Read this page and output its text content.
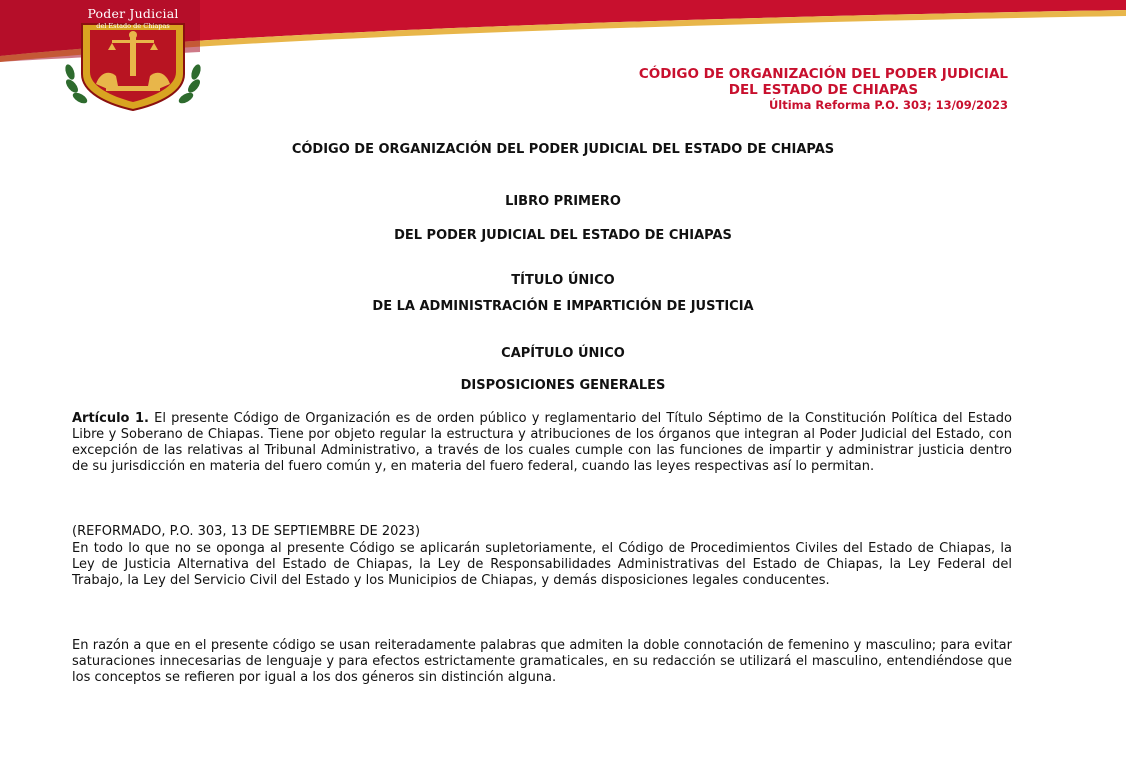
Poder Judicial
del Estado de Chiapas
CÓDIGO DE ORGANIZACIÓN DEL PODER JUDICIAL
DEL ESTADO DE CHIAPAS
Última Reforma P.O. 303; 13/09/2023
CÓDIGO DE ORGANIZACIÓN DEL PODER JUDICIAL DEL ESTADO DE CHIAPAS
LIBRO PRIMERO
DEL PODER JUDICIAL DEL ESTADO DE CHIAPAS
TÍTULO ÚNICO
DE LA ADMINISTRACIÓN E IMPARTICIÓN DE JUSTICIA
CAPÍTULO ÚNICO
DISPOSICIONES GENERALES
Artículo 1. El presente Código de Organización es de orden público y reglamentario del Título Séptimo de la Constitución Política del Estado Libre y Soberano de Chiapas. Tiene por objeto regular la estructura y atribuciones de los órganos que integran al Poder Judicial del Estado, con excepción de las relativas al Tribunal Administrativo, a través de los cuales cumple con las funciones de impartir y administrar justicia dentro de su jurisdicción en materia del fuero común y, en materia del fuero federal, cuando las leyes respectivas así lo permitan.
(REFORMADO, P.O. 303, 13 DE SEPTIEMBRE DE 2023)
En todo lo que no se oponga al presente Código se aplicarán supletoriamente, el Código de Procedimientos Civiles del Estado de Chiapas, la Ley de Justicia Alternativa del Estado de Chiapas, la Ley de Responsabilidades Administrativas del Estado de Chiapas, la Ley Federal del Trabajo, la Ley del Servicio Civil del Estado y los Municipios de Chiapas, y demás disposiciones legales conducentes.
En razón a que en el presente código se usan reiteradamente palabras que admiten la doble connotación de femenino y masculino; para evitar saturaciones innecesarias de lenguaje y para efectos estrictamente gramaticales, en su redacción se utilizará el masculino, entendiéndose que los conceptos se refieren por igual a los dos géneros sin distinción alguna.
